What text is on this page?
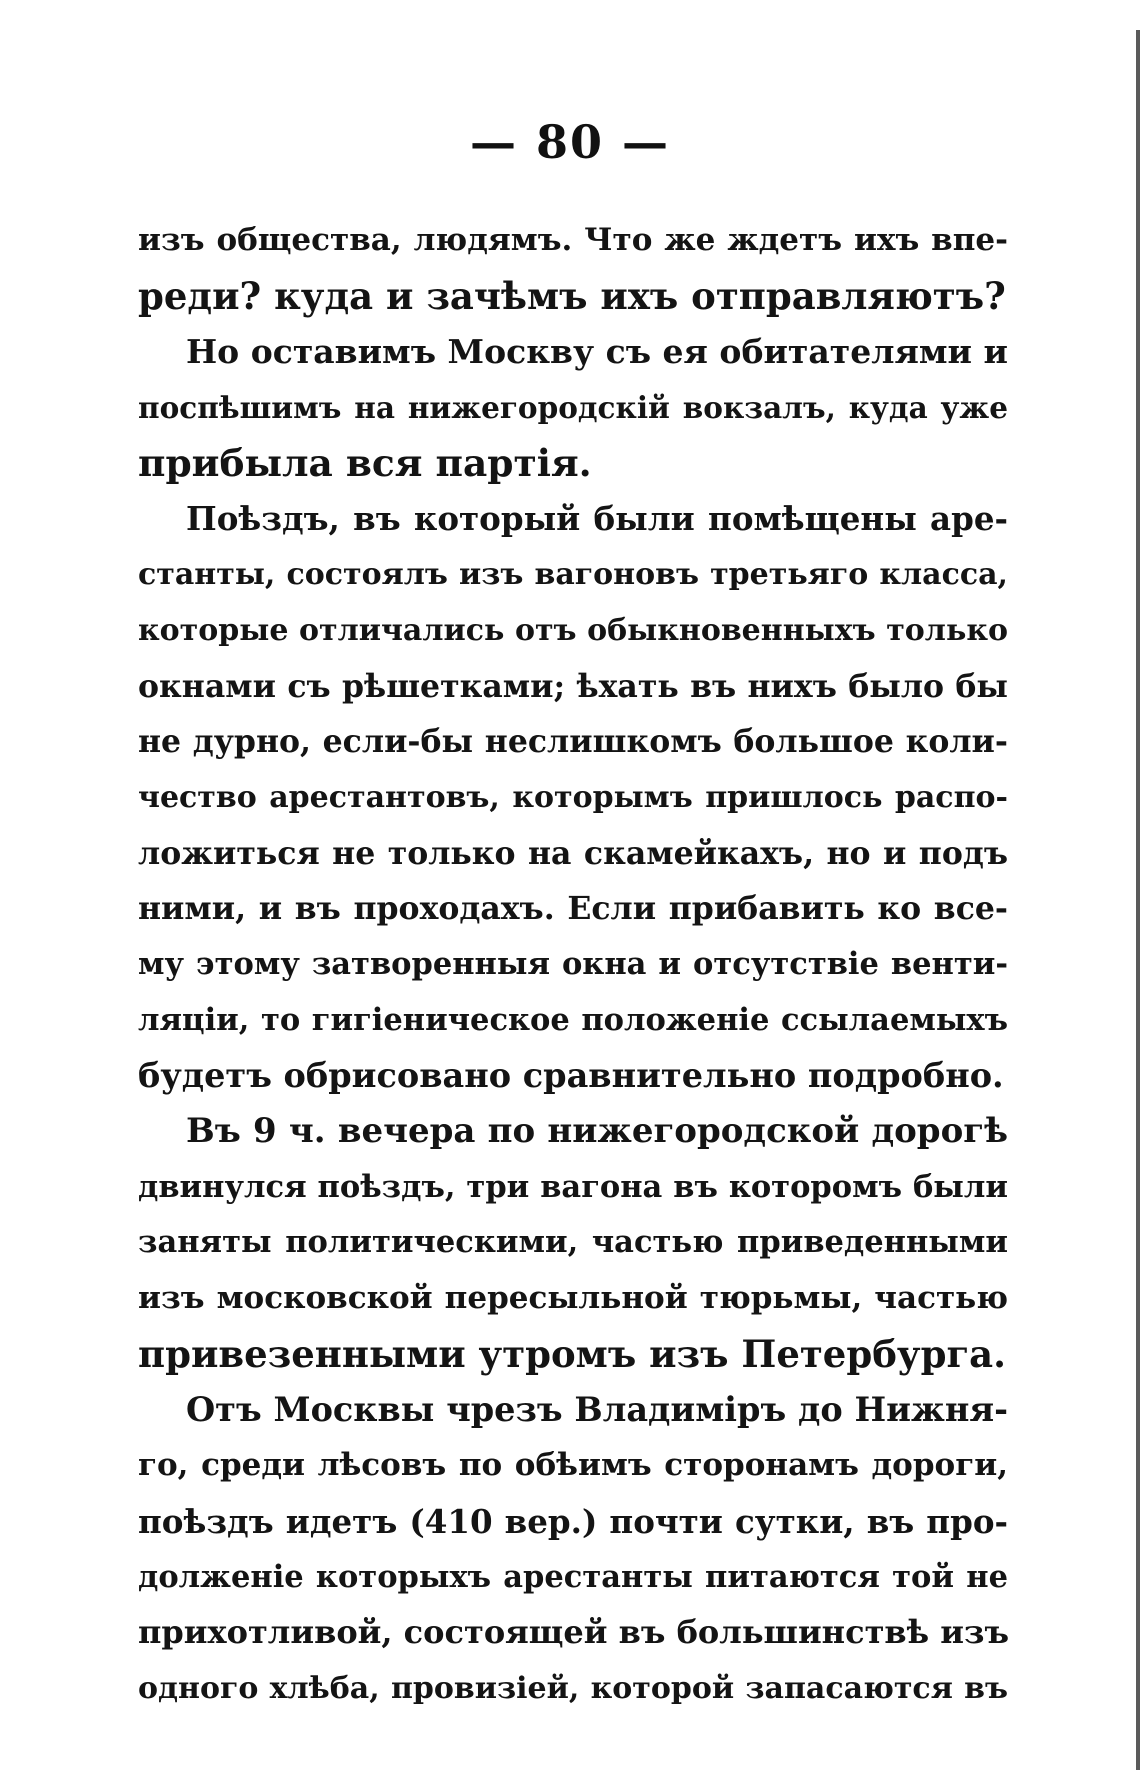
— 80 —
изъ общества, людямъ. Что же ждетъ ихъ впе-
реди? куда и зачѣмъ ихъ отправляютъ?
Но оставимъ Москву съ ея обитателями и
поспѣшимъ на нижегородскій вокзалъ, куда уже
прибыла вся партія.
Поѣздъ, въ который были помѣщены аре-
станты, состоялъ изъ вагоновъ третьяго класса,
которые отличались отъ обыкновенныхъ только
окнами съ рѣшетками; ѣхать въ нихъ было бы
не дурно, если-бы неслишкомъ большое коли-
чество арестантовъ, которымъ пришлось распо-
ложиться не только на скамейкахъ, но и подъ
ними, и въ проходахъ. Если прибавить ко все-
му этому затворенныя окна и отсутствіе венти-
ляціи, то гигіеническое положеніе ссылаемыхъ
будетъ обрисовано сравнительно подробно.
Въ 9 ч. вечера по нижегородской дорогѣ
двинулся поѣздъ, три вагона въ которомъ были
заняты политическими, частью приведенными
изъ московской пересыльной тюрьмы, частью
привезенными утромъ изъ Петербурга.
Отъ Москвы чрезъ Владиміръ до Нижня-
го, среди лѣсовъ по обѣимъ сторонамъ дороги,
поѣздъ идетъ (410 вер.) почти сутки, въ про-
долженіе которыхъ арестанты питаются той не
прихотливой, состоящей въ большинствѣ изъ
одного хлѣба, провизіей, которой запасаются въ
